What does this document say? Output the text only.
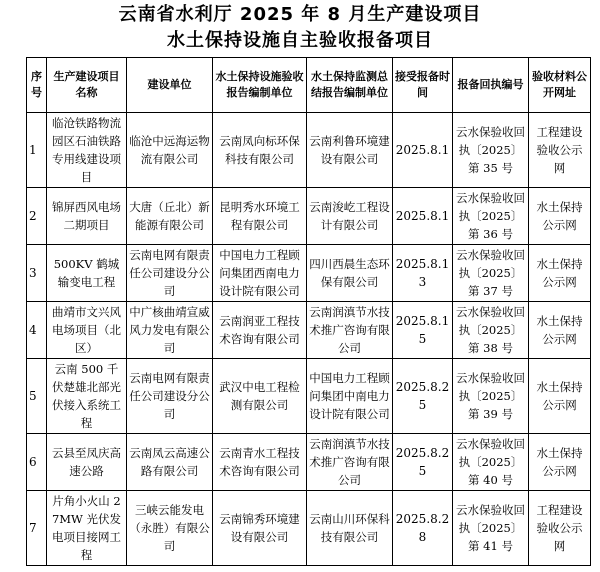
云南省水利厅 2025 年 8 月生产建设项目
水土保持设施自主验收报备项目
序号	生产建设项目名称	建设单位	水土保持设施验收报告编制单位	水土保持监测总结报告编制单位	接受报备时间	报备回执编号	验收材料公开网址
1	临沧铁路物流园区石油铁路专用线建设项目	临沧中远海运物流有限公司	云南凤向标环保科技有限公司	云南利鲁环境建设有限公司	2025.8.1	云水保验收回执〔2025〕第 35 号	工程建设验收公示网
2	锦屏西风电场二期项目	大唐（丘北）新能源有限公司	昆明秀水环境工程有限公司	云南浚屹工程设计有限公司	2025.8.1	云水保验收回执〔2025〕第 36 号	水土保持公示网
3	500KV 鹤城输变电工程	云南电网有限责任公司建设分公司	中国电力工程顾问集团西南电力设计院有限公司	四川西晨生态环保有限公司	2025.8.13	云水保验收回执〔2025〕第 37 号	水土保持公示网
4	曲靖市文兴风电场项目（北区）	中广核曲靖宣威风力发电有限公司	云南润亚工程技术咨询有限公司	云南润滇节水技术推广咨询有限公司	2025.8.15	云水保验收回执〔2025〕第 38 号	水土保持公示网
5	云南 500 千伏楚雄北部光伏接入系统工程	云南电网有限责任公司建设分公司	武汉中电工程检测有限公司	中国电力工程顾问集团中南电力设计院有限公司	2025.8.25	云水保验收回执〔2025〕第 39 号	水土保持公示网
6	云县至凤庆高速公路	云南凤云高速公路有限公司	云南青水工程技术咨询有限公司	云南润滇节水技术推广咨询有限公司	2025.8.25	云水保验收回执〔2025〕第 40 号	水土保持公示网
7	片角小火山 27MW 光伏发电项目接网工程	三峡云能发电（永胜）有限公司	云南锦秀环境建设有限公司	云南山川环保科技有限公司	2025.8.28	云水保验收回执〔2025〕第 41 号	工程建设验收公示网
